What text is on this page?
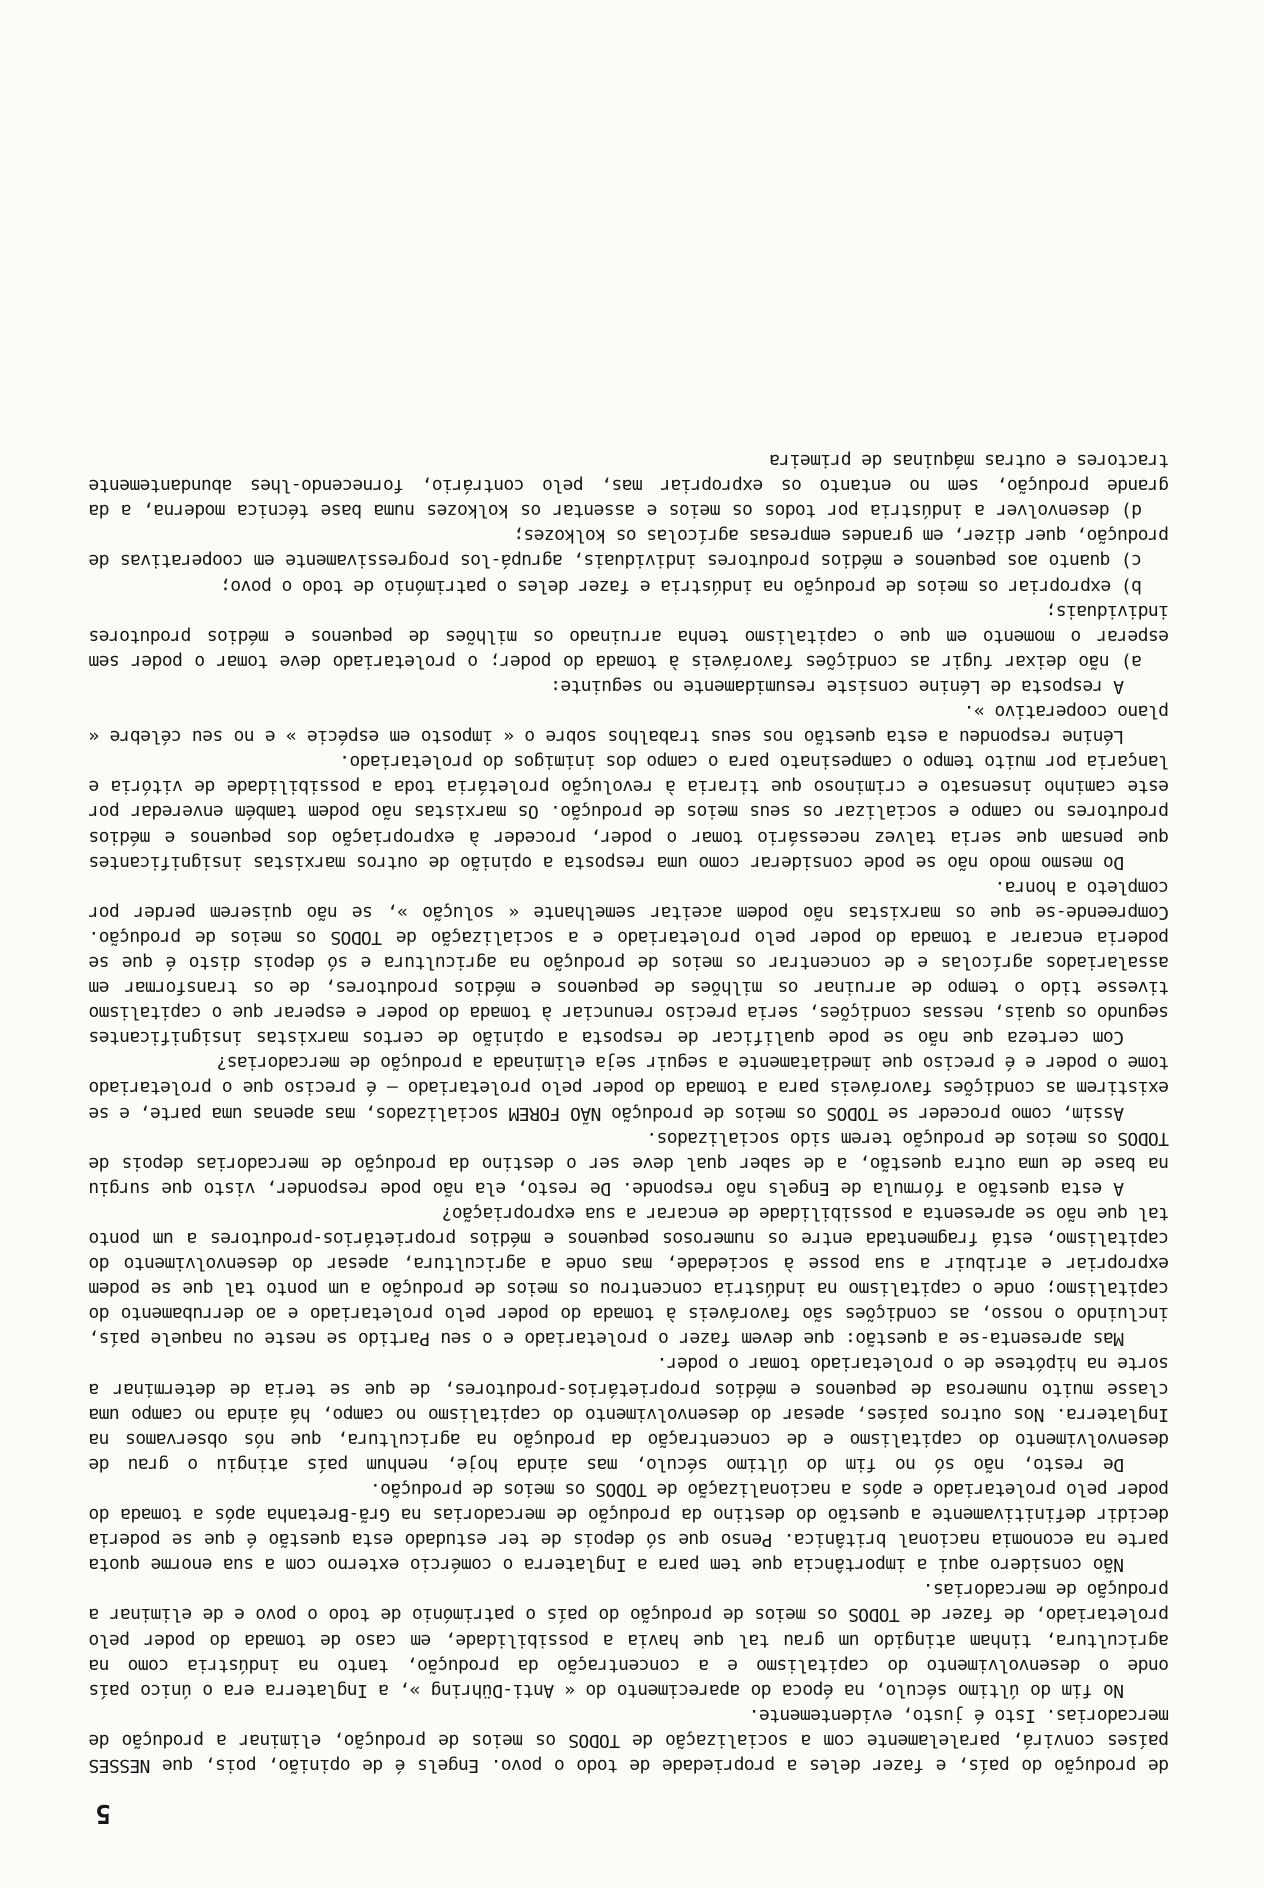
5

de produção do país, e fazer deles a propriedade de todo o povo. Engels é de opinião, pois, que NESSES países convirá, paralelamente com a socialização de TODOS os meios de produção, eliminar a produção de mercadorias. Isto é justo, evidentemente.

No fim do último século, na época do aparecimento do « Anti-Dühring », a Inglaterra era o único país onde o desenvolvimento do capitalismo e a concentração da produção, tanto na indústria como na agricultura, tinham atingido um grau tal que havia a possibilidade, em caso de tomada do poder pelo proletariado, de fazer de TODOS os meios de produção do país o património de todo o povo e de eliminar a produção de mercadorias.

Não considero aqui a importância que tem para a Inglaterra o comércio externo com a sua enorme quota parte na economia nacional britânica. Penso que só depois de ter estudado esta questão é que se poderia decidir definitivamente a questão do destino da produção de mercadorias na Grã-Bretanha após a tomada do poder pelo proletariado e após a nacionalização de TODOS os meios de produção.

De resto, não só no fim do último século, mas ainda hoje, nenhum país atingiu o grau de desenvolvimento do capitalismo e de concentração da produção na agricultura, que nós observamos na Inglaterra. Nos outros países, apesar do desenvolvimento do capitalismo no campo, há ainda no campo uma classe muito numerosa de pequenos e médios proprietários-produtores, de que se teria de determinar a sorte na hipótese de o proletariado tomar o poder.

Mas apresenta-se a questão: que devem fazer o proletariado e o seu Partido se neste ou naquele país, incluindo o nosso, as condições são favoráveis à tomada do poder pelo proletariado e ao derrubamento do capitalismo; onde o capitalismo na indústria concentrou os meios de produção a um ponto tal que se podem expropriar e atribuir a sua posse à sociedade, mas onde a agricultura, apesar do desenvolvimento do capitalismo, está fragmentada entre os numerosos pequenos e médios proprietários-produtores a um ponto tal que não se apresenta a possibilidade de encarar a sua expropriação?

A esta questão a fórmula de Engels não responde. De resto, ela não pode responder, visto que surgiu na base de uma outra questão, a de saber qual deve ser o destino da produção de mercadorias depois de TODOS os meios de produção terem sido socializados.

Assim, como proceder se TODOS os meios de produção NÃO FOREM socializados, mas apenas uma parte, e se existirem as condições favoráveis para a tomada do poder pelo proletariado — é preciso que o proletariado tome o poder e é preciso que imediatamente a seguir seja eliminada a produção de mercadorias?

Com certeza que não se pode qualificar de resposta a opinião de certos marxistas insignificantes segundo os quais, nessas condições, seria preciso renunciar à tomada do poder e esperar que o capitalismo tivesse tido o tempo de arruinar os milhões de pequenos e médios produtores, de os transformar em assalariados agrícolas e de concentrar os meios de produção na agricultura e só depois disto é que se poderia encarar a tomada do poder pelo proletariado e a socialização de TODOS os meios de produção. Compreende-se que os marxistas não podem aceitar semelhante « solução », se não quiserem perder por completo a honra.

Do mesmo modo não se pode considerar como uma resposta a opinião de outros marxistas insignificantes que pensam que seria talvez necessário tomar o poder, proceder à expropriação dos pequenos e médios produtores no campo e socializar os seus meios de produção. Os marxistas não podem também enveredar por este caminho insensato e criminoso que tiraria à revolução proletária toda a possibilidade de vitória e lançaria por muito tempo o campesinato para o campo dos inimigos do proletariado.

Lénine respondeu a esta questão nos seus trabalhos sobre o « imposto em espécie » e no seu célebre « plano cooperativo ».

A resposta de Lénine consiste resumidamente no seguinte:

a) não deixar fugir as condições favoráveis à tomada do poder; o proletariado deve tomar o poder sem esperar o momento em que o capitalismo tenha arruinado os milhões de pequenos e médios produtores individuais;

b) expropriar os meios de produção na indústria e fazer deles o património de todo o povo;

c) quanto aos pequenos e médios produtores individuais, agrupá-los progressivamente em cooperativas de produção, quer dizer, em grandes empresas agrícolas os kolkozes;

d) desenvolver a indústria por todos os meios e assentar os kolkozes numa base técnica moderna, a da grande produção, sem no entanto os expropriar mas, pelo contrário, fornecendo-lhes abundantemente tractores e outras máquinas de primeira
